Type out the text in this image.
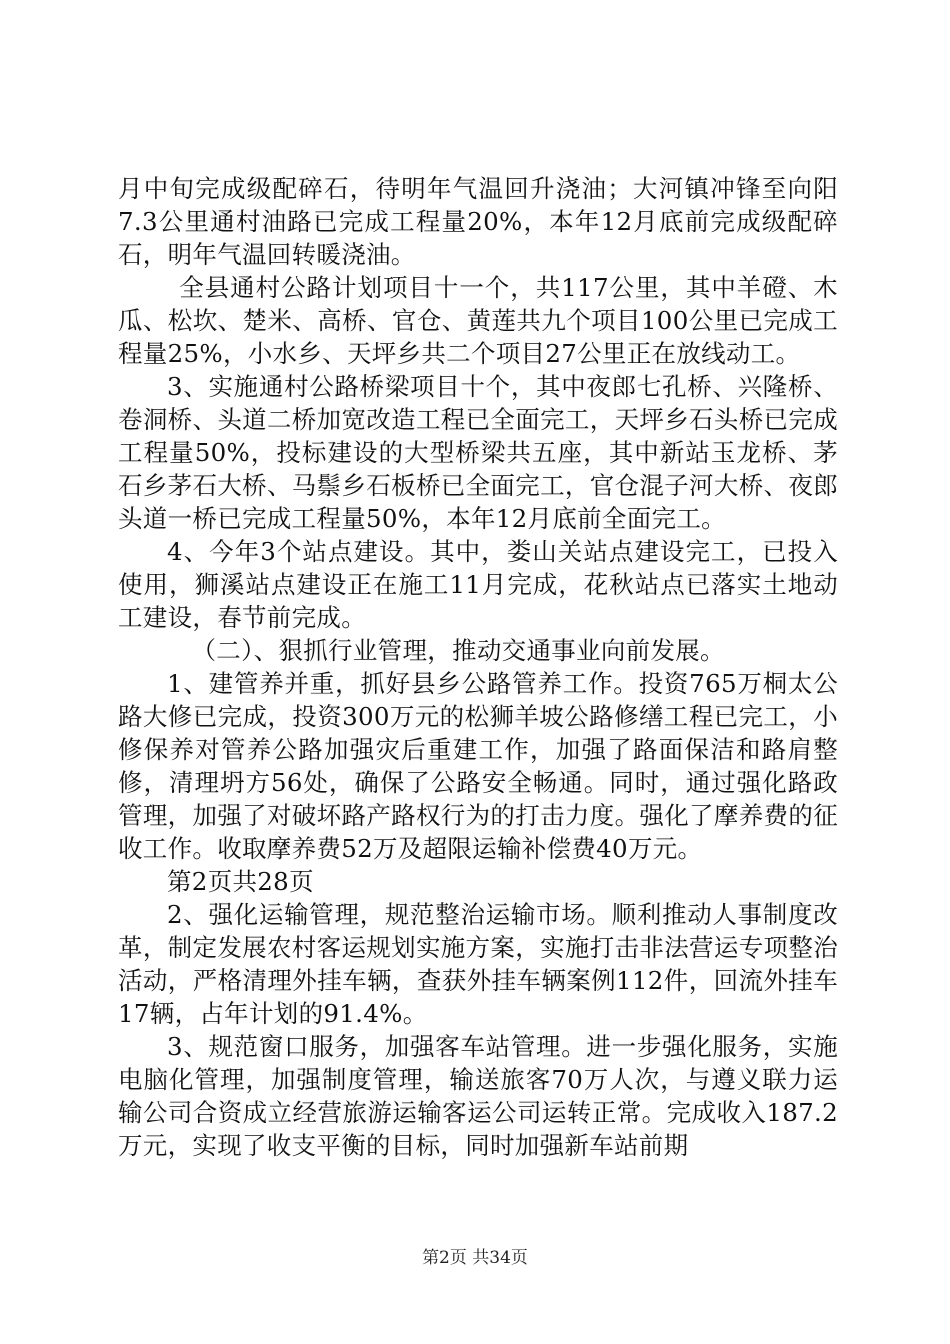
月中旬完成级配碎石，待明年气温回升浇油；大河镇冲锋至向阳7.3公里通村油路已完成工程量20%，本年12月底前完成级配碎石，明年气温回转暖浇油。

全县通村公路计划项目十一个，共117公里，其中羊磴、木瓜、松坎、楚米、高桥、官仓、黄莲共九个项目100公里已完成工程量25%，小水乡、天坪乡共二个项目27公里正在放线动工。

3、实施通村公路桥梁项目十个，其中夜郎七孔桥、兴隆桥、卷洞桥、头道二桥加宽改造工程已全面完工，天坪乡石头桥已完成工程量50%，投标建设的大型桥梁共五座，其中新站玉龙桥、茅石乡茅石大桥、马鬃乡石板桥已全面完工，官仓混子河大桥、夜郎头道一桥已完成工程量50%，本年12月底前全面完工。

4、今年3个站点建设。其中，娄山关站点建设完工，已投入使用，狮溪站点建设正在施工11月完成，花秋站点已落实土地动工建设，春节前完成。

（二）、狠抓行业管理，推动交通事业向前发展。

1、建管养并重，抓好县乡公路管养工作。投资765万桐太公路大修已完成，投资300万元的松狮羊坡公路修缮工程已完工，小修保养对管养公路加强灾后重建工作，加强了路面保洁和路肩整修，清理坍方56处，确保了公路安全畅通。同时，通过强化路政管理，加强了对破坏路产路权行为的打击力度。强化了摩养费的征收工作。收取摩养费52万及超限运输补偿费40万元。

第2页共28页

2、强化运输管理，规范整治运输市场。顺利推动人事制度改革，制定发展农村客运规划实施方案，实施打击非法营运专项整治活动，严格清理外挂车辆，查获外挂车辆案例112件，回流外挂车17辆，占年计划的91.4%。

3、规范窗口服务，加强客车站管理。进一步强化服务，实施电脑化管理，加强制度管理，输送旅客70万人次，与遵义联力运输公司合资成立经营旅游运输客运公司运转正常。完成收入187.2万元，实现了收支平衡的目标，同时加强新车站前期

第2页 共34页
